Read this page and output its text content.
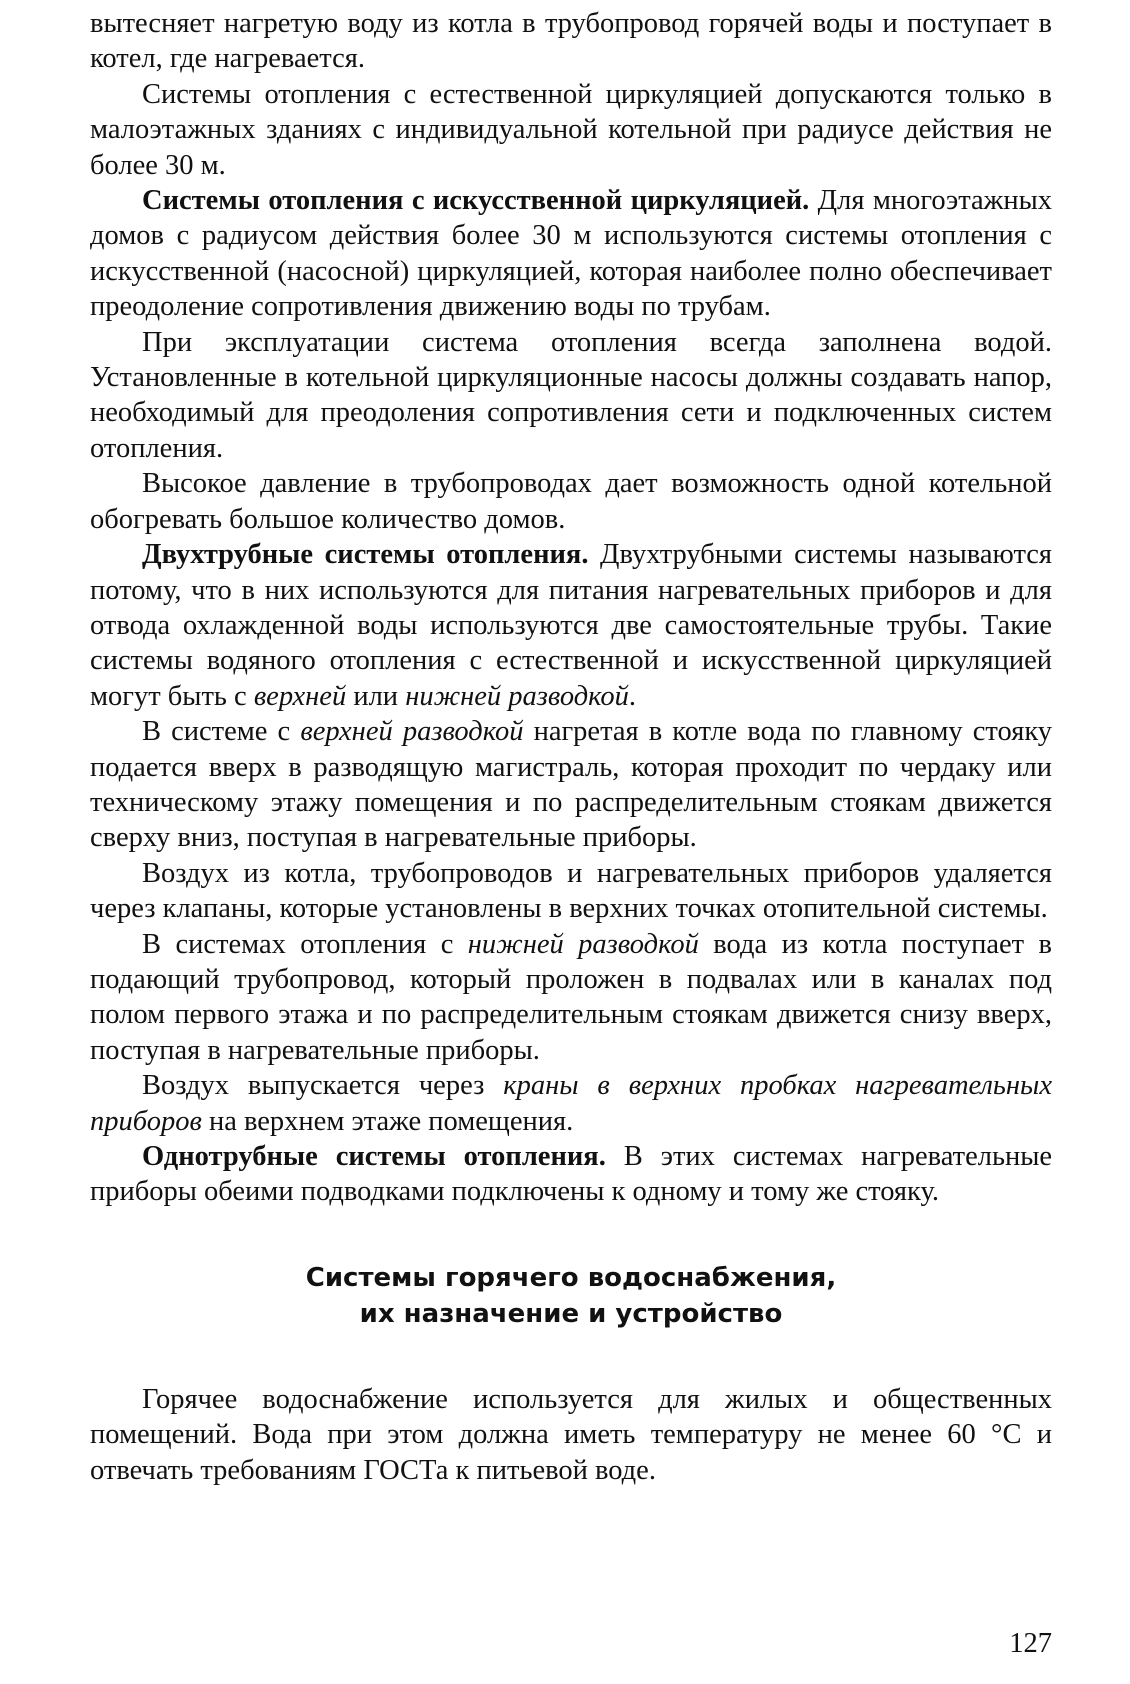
вытесняет нагретую воду из котла в трубопровод горячей воды и поступает в котел, где нагревается.

Системы отопления с естественной циркуляцией допускаются только в малоэтажных зданиях с индивидуальной котельной при радиусе действия не более 30 м.

Системы отопления с искусственной циркуляцией. Для многоэтажных домов с радиусом действия более 30 м используются системы отопления с искусственной (насосной) циркуляцией, которая наиболее полно обеспечивает преодоление сопротивления движению воды по трубам.

При эксплуатации система отопления всегда заполнена водой. Установленные в котельной циркуляционные насосы должны создавать напор, необходимый для преодоления сопротивления сети и подключенных систем отопления.

Высокое давление в трубопроводах дает возможность одной котельной обогревать большое количество домов.

Двухтрубные системы отопления. Двухтрубными системы называются потому, что в них используются для питания нагревательных приборов и для отвода охлажденной воды используются две самостоятельные трубы. Такие системы водяного отопления с естественной и искусственной циркуляцией могут быть с верхней или нижней разводкой.

В системе с верхней разводкой нагретая в котле вода по главному стояку подается вверх в разводящую магистраль, которая проходит по чердаку или техническому этажу помещения и по распределительным стоякам движется сверху вниз, поступая в нагревательные приборы.

Воздух из котла, трубопроводов и нагревательных приборов удаляется через клапаны, которые установлены в верхних точках отопительной системы.

В системах отопления с нижней разводкой вода из котла поступает в подающий трубопровод, который проложен в подвалах или в каналах под полом первого этажа и по распределительным стоякам движется снизу вверх, поступая в нагревательные приборы.

Воздух выпускается через краны в верхних пробках нагревательных приборов на верхнем этаже помещения.

Однотрубные системы отопления. В этих системах нагревательные приборы обеими подводками подключены к одному и тому же стояку.

Системы горячего водоснабжения,
их назначение и устройство

Горячее водоснабжение используется для жилых и общественных помещений. Вода при этом должна иметь температуру не менее 60 °С и отвечать требованиям ГОСТа к питьевой воде.

127
